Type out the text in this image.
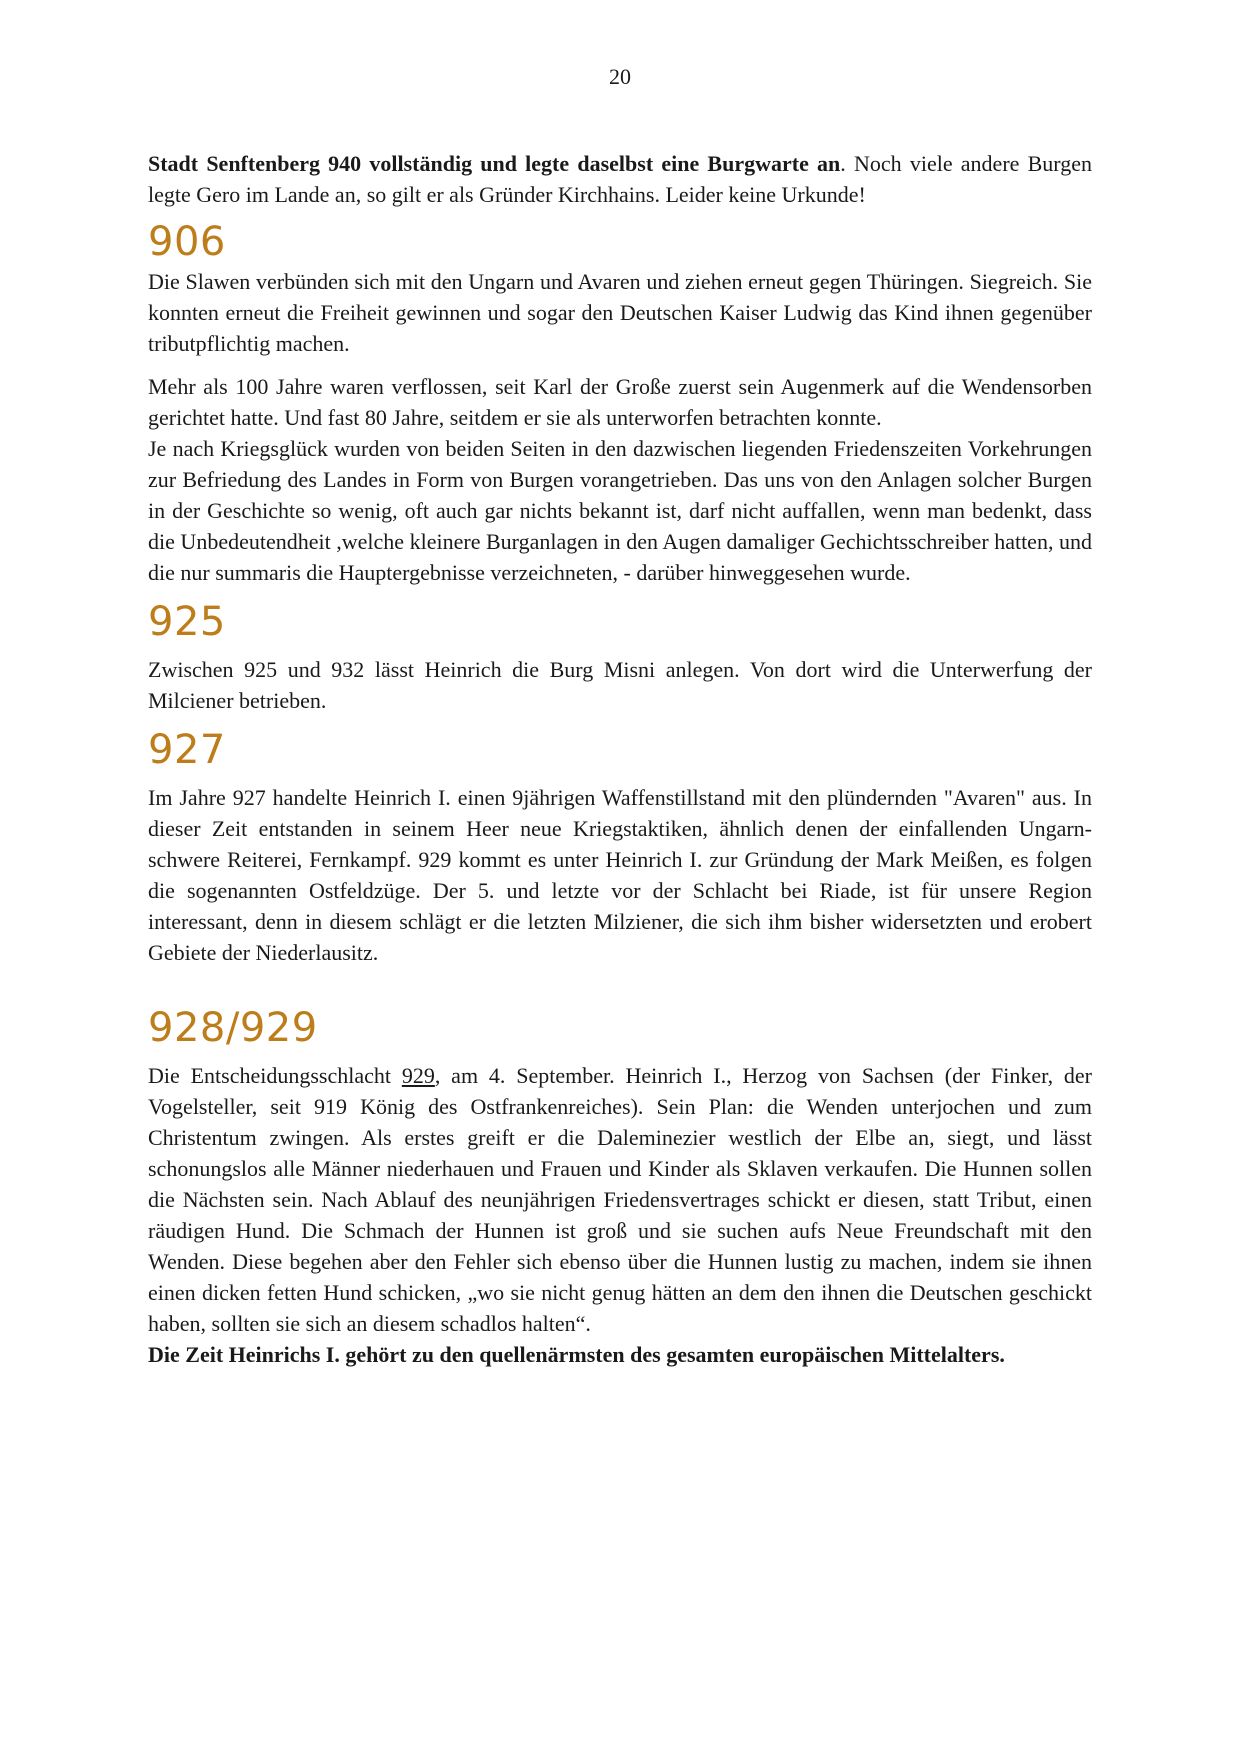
20

Stadt Senftenberg 940 vollständig und legte daselbst eine Burgwarte an. Noch viele andere Burgen legte Gero im Lande an, so gilt er als Gründer Kirchhains. Leider keine Urkunde!

906

Die Slawen verbünden sich mit den Ungarn und Avaren und ziehen erneut gegen Thüringen. Siegreich. Sie konnten erneut die Freiheit gewinnen und sogar den Deutschen Kaiser Ludwig das Kind ihnen gegenüber tributpflichtig machen.

Mehr als 100 Jahre waren verflossen, seit Karl der Große zuerst sein Augenmerk auf die Wendensorben gerichtet hatte. Und fast 80 Jahre, seitdem er sie als unterworfen betrachten konnte.

Je nach Kriegsglück wurden von beiden Seiten in den dazwischen liegenden Friedenszeiten Vorkehrungen zur Befriedung des Landes in Form von Burgen vorangetrieben. Das uns von den Anlagen solcher Burgen in der Geschichte so wenig, oft auch gar nichts bekannt ist, darf nicht auffallen, wenn man bedenkt, dass die Unbedeutendheit ,welche kleinere Burganlagen in den Augen damaliger Gechichtsschreiber hatten, und die nur summaris die Hauptergebnisse verzeichneten, - darüber hinweggesehen wurde.

925

Zwischen 925 und 932 lässt Heinrich die Burg Misni anlegen. Von dort wird die Unterwerfung der Milciener betrieben.

927

Im Jahre 927 handelte Heinrich I. einen 9jährigen Waffenstillstand mit den plündernden "Avaren" aus. In dieser Zeit entstanden in seinem Heer neue Kriegstaktiken, ähnlich denen der einfallenden Ungarn- schwere Reiterei, Fernkampf. 929 kommt es unter Heinrich I. zur Gründung der Mark Meißen, es folgen die sogenannten Ostfeldzüge. Der 5. und letzte vor der Schlacht bei Riade, ist für unsere Region interessant, denn in diesem schlägt er die letzten Milziener, die sich ihm bisher widersetzten und erobert Gebiete der Niederlausitz.

928/929

Die Entscheidungsschlacht 929, am 4. September. Heinrich I., Herzog von Sachsen (der Finker, der Vogelsteller, seit 919 König des Ostfrankenreiches). Sein Plan: die Wenden unterjochen und zum Christentum zwingen. Als erstes greift er die Daleminezier westlich der Elbe an, siegt, und lässt schonungslos alle Männer niederhauen und Frauen und Kinder als Sklaven verkaufen. Die Hunnen sollen die Nächsten sein. Nach Ablauf des neunjährigen Friedensvertrages schickt er diesen, statt Tribut, einen räudigen Hund. Die Schmach der Hunnen ist groß und sie suchen aufs Neue Freundschaft mit den Wenden. Diese begehen aber den Fehler sich ebenso über die Hunnen lustig zu machen, indem sie ihnen einen dicken fetten Hund schicken, „wo sie nicht genug hätten an dem den ihnen die Deutschen geschickt haben, sollten sie sich an diesem schadlos halten“.

Die Zeit Heinrichs I. gehört zu den quellenärmsten des gesamten europäischen Mittelalters.
